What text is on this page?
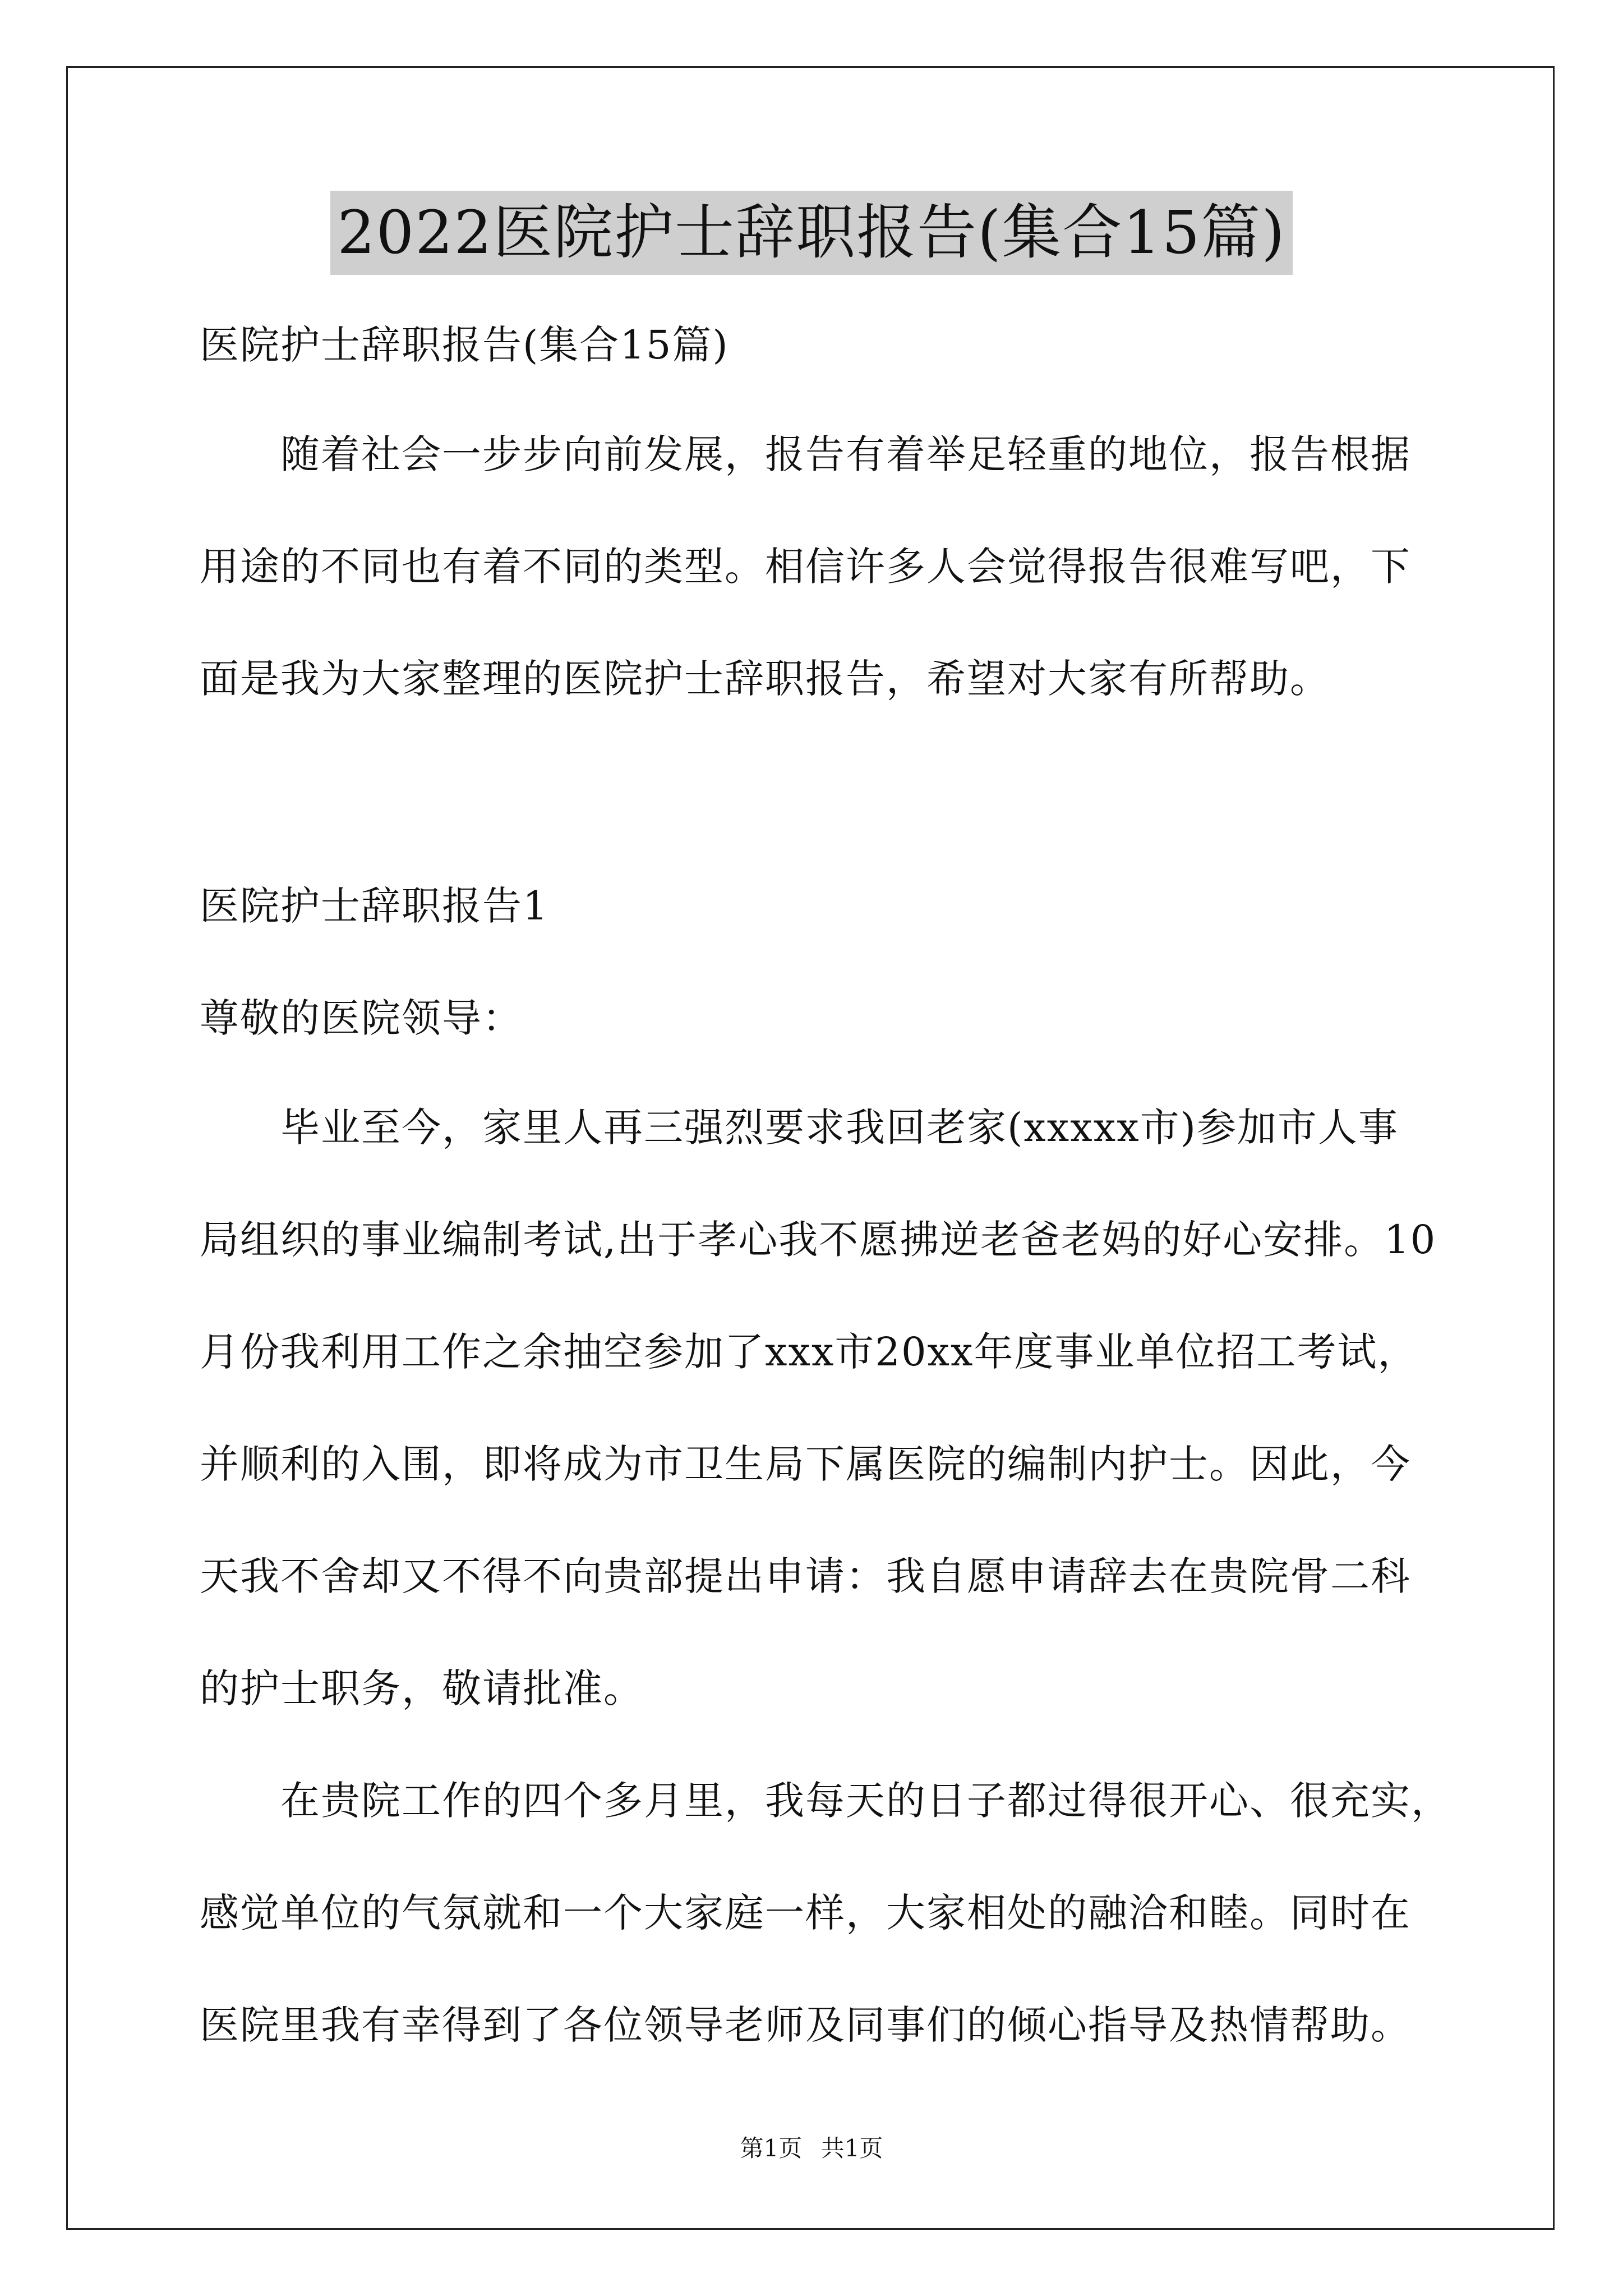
2022医院护士辞职报告(集合15篇)
医院护士辞职报告(集合15篇)
随着社会一步步向前发展，报告有着举足轻重的地位，报告根据
用途的不同也有着不同的类型。相信许多人会觉得报告很难写吧，下
面是我为大家整理的医院护士辞职报告，希望对大家有所帮助。
医院护士辞职报告1
尊敬的医院领导：
毕业至今，家里人再三强烈要求我回老家(xxxxx市)参加市人事
局组织的事业编制考试,出于孝心我不愿拂逆老爸老妈的好心安排。10
月份我利用工作之余抽空参加了xxx市20xx年度事业单位招工考试，
并顺利的入围，即将成为市卫生局下属医院的编制内护士。因此，今
天我不舍却又不得不向贵部提出申请：我自愿申请辞去在贵院骨二科
的护士职务，敬请批准。
在贵院工作的四个多月里，我每天的日子都过得很开心、很充实，
感觉单位的气氛就和一个大家庭一样，大家相处的融洽和睦。同时在
医院里我有幸得到了各位领导老师及同事们的倾心指导及热情帮助。
第1页 共1页
